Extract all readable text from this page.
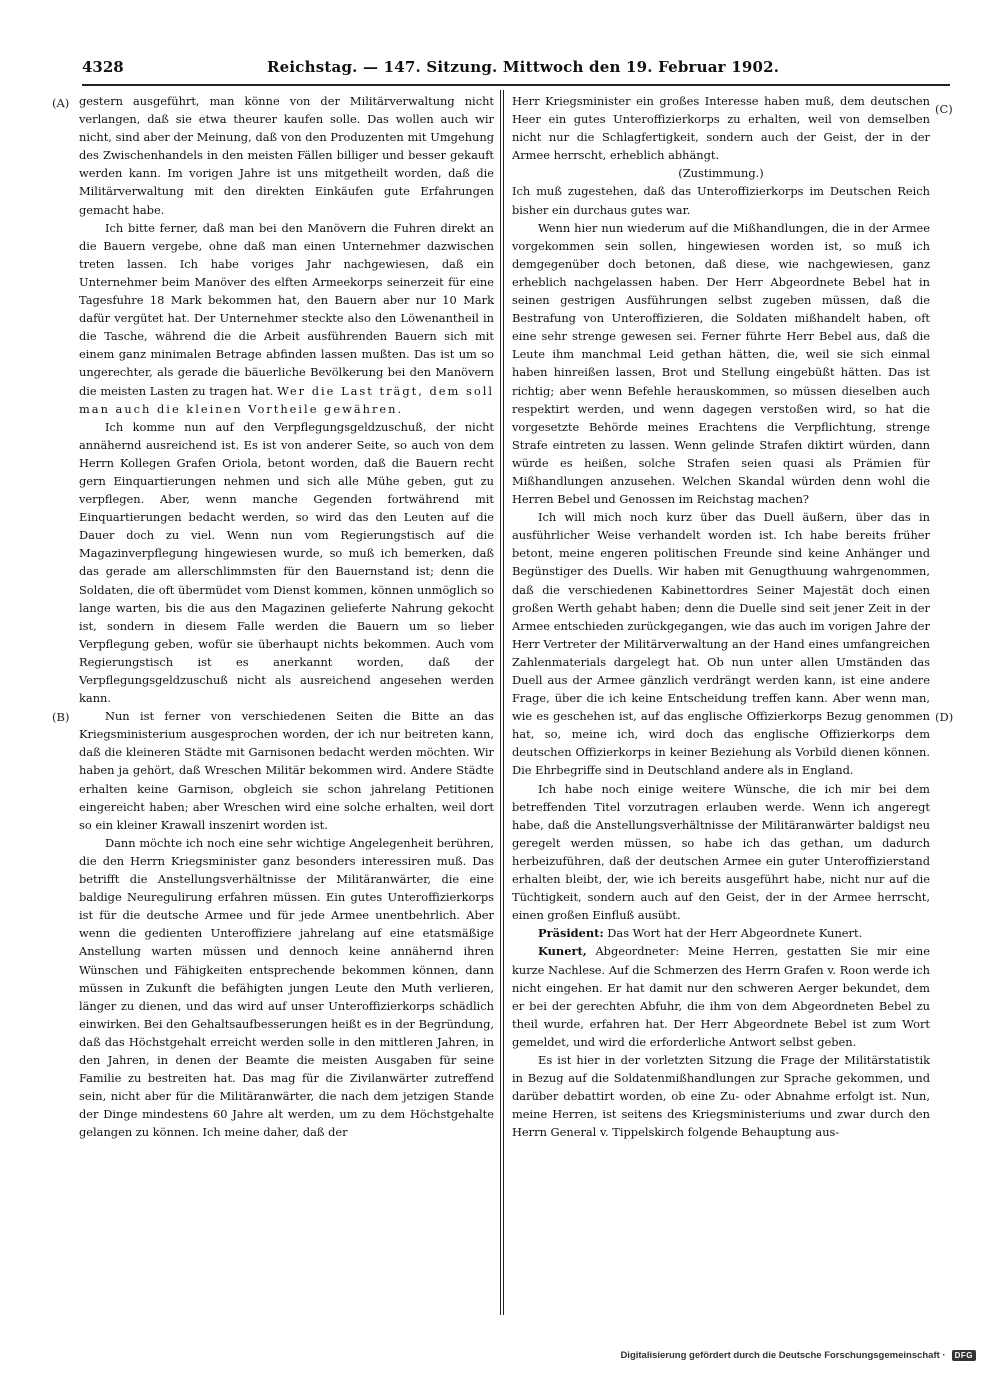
4328	Reichstag. — 147. Sitzung. Mittwoch den 19. Februar 1902.
(A)
(B)
(C)
(D)

gestern ausgeführt, man könne von der Militärverwaltung nicht verlangen, daß sie etwa theurer kaufen solle. Das wollen auch wir nicht, sind aber der Meinung, daß von den Produzenten mit Umgehung des Zwischenhandels in den meisten Fällen billiger und besser gekauft werden kann. Im vorigen Jahre ist uns mitgetheilt worden, daß die Militärverwaltung mit den direkten Einkäufen gute Erfahrungen gemacht habe.

Ich bitte ferner, daß man bei den Manövern die Fuhren direkt an die Bauern vergebe, ohne daß man einen Unternehmer dazwischen treten lassen. Ich habe voriges Jahr nachgewiesen, daß ein Unternehmer beim Manöver des elften Armeekorps seinerzeit für eine Tagesfuhre 18 Mark bekommen hat, den Bauern aber nur 10 Mark dafür vergütet hat. Der Unternehmer steckte also den Löwenantheil in die Tasche, während die die Arbeit ausführenden Bauern sich mit einem ganz minimalen Betrage abfinden lassen mußten. Das ist um so ungerechter, als gerade die bäuerliche Bevölkerung bei den Manövern die meisten Lasten zu tragen hat. Wer die Last trägt, dem soll man auch die kleinen Vortheile gewähren.

Ich komme nun auf den Verpflegungsgeldzuschuß, der nicht annähernd ausreichend ist. Es ist von anderer Seite, so auch von dem Herrn Kollegen Grafen Oriola, betont worden, daß die Bauern recht gern Einquartierungen nehmen und sich alle Mühe geben, gut zu verpflegen. Aber, wenn manche Gegenden fortwährend mit Einquartierungen bedacht werden, so wird das den Leuten auf die Dauer doch zu viel. Wenn nun vom Regierungstisch auf die Magazinverpflegung hingewiesen wurde, so muß ich bemerken, daß das gerade am allerschlimmsten für den Bauernstand ist; denn die Soldaten, die oft übermüdet vom Dienst kommen, können unmöglich so lange warten, bis die aus den Magazinen gelieferte Nahrung gekocht ist, sondern in diesem Falle werden die Bauern um so lieber Verpflegung geben, wofür sie überhaupt nichts bekommen. Auch vom Regierungstisch ist es anerkannt worden, daß der Verpflegungsgeldzuschuß nicht als ausreichend angesehen werden kann.

Nun ist ferner von verschiedenen Seiten die Bitte an das Kriegsministerium ausgesprochen worden, der ich nur beitreten kann, daß die kleineren Städte mit Garnisonen bedacht werden möchten. Wir haben ja gehört, daß Wreschen Militär bekommen wird. Andere Städte erhalten keine Garnison, obgleich sie schon jahrelang Petitionen eingereicht haben; aber Wreschen wird eine solche erhalten, weil dort so ein kleiner Krawall inszenirt worden ist.

Dann möchte ich noch eine sehr wichtige Angelegenheit berühren, die den Herrn Kriegsminister ganz besonders interessiren muß. Das betrifft die Anstellungsverhältnisse der Militäranwärter, die eine baldige Neuregulirung erfahren müssen. Ein gutes Unteroffizierkorps ist für die deutsche Armee und für jede Armee unentbehrlich. Aber wenn die gedienten Unteroffiziere jahrelang auf eine etatsmäßige Anstellung warten müssen und dennoch keine annähernd ihren Wünschen und Fähigkeiten entsprechende bekommen können, dann müssen in Zukunft die befähigten jungen Leute den Muth verlieren, länger zu dienen, und das wird auf unser Unteroffizierkorps schädlich einwirken. Bei den Gehaltsaufbesserungen heißt es in der Begründung, daß das Höchstgehalt erreicht werden solle in den mittleren Jahren, in den Jahren, in denen der Beamte die meisten Ausgaben für seine Familie zu bestreiten hat. Das mag für die Zivilanwärter zutreffend sein, nicht aber für die Militäranwärter, die nach dem jetzigen Stande der Dinge mindestens 60 Jahre alt werden, um zu dem Höchstgehalte gelangen zu können. Ich meine daher, daß der

Herr Kriegsminister ein großes Interesse haben muß, dem deutschen Heer ein gutes Unteroffizierkorps zu erhalten, weil von demselben nicht nur die Schlagfertigkeit, sondern auch der Geist, der in der Armee herrscht, erheblich abhängt.

(Zustimmung.)

Ich muß zugestehen, daß das Unteroffizierkorps im Deutschen Reich bisher ein durchaus gutes war.

Wenn hier nun wiederum auf die Mißhandlungen, die in der Armee vorgekommen sein sollen, hingewiesen worden ist, so muß ich demgegenüber doch betonen, daß diese, wie nachgewiesen, ganz erheblich nachgelassen haben. Der Herr Abgeordnete Bebel hat in seinen gestrigen Ausführungen selbst zugeben müssen, daß die Bestrafung von Unteroffizieren, die Soldaten mißhandelt haben, oft eine sehr strenge gewesen sei. Ferner führte Herr Bebel aus, daß die Leute ihm manchmal Leid gethan hätten, die, weil sie sich einmal haben hinreißen lassen, Brot und Stellung eingebüßt hätten. Das ist richtig; aber wenn Befehle herauskommen, so müssen dieselben auch respektirt werden, und wenn dagegen verstoßen wird, so hat die vorgesetzte Behörde meines Erachtens die Verpflichtung, strenge Strafe eintreten zu lassen. Wenn gelinde Strafen diktirt würden, dann würde es heißen, solche Strafen seien quasi als Prämien für Mißhandlungen anzusehen. Welchen Skandal würden denn wohl die Herren Bebel und Genossen im Reichstag machen?

Ich will mich noch kurz über das Duell äußern, über das in ausführlicher Weise verhandelt worden ist. Ich habe bereits früher betont, meine engeren politischen Freunde sind keine Anhänger und Begünstiger des Duells. Wir haben mit Genugthuung wahrgenommen, daß die verschiedenen Kabinettordres Seiner Majestät doch einen großen Werth gehabt haben; denn die Duelle sind seit jener Zeit in der Armee entschieden zurückgegangen, wie das auch im vorigen Jahre der Herr Vertreter der Militärverwaltung an der Hand eines umfangreichen Zahlenmaterials dargelegt hat. Ob nun unter allen Umständen das Duell aus der Armee gänzlich verdrängt werden kann, ist eine andere Frage, über die ich keine Entscheidung treffen kann. Aber wenn man, wie es geschehen ist, auf das englische Offizierkorps Bezug genommen hat, so, meine ich, wird doch das englische Offizierkorps dem deutschen Offizierkorps in keiner Beziehung als Vorbild dienen können. Die Ehrbegriffe sind in Deutschland andere als in England.

Ich habe noch einige weitere Wünsche, die ich mir bei dem betreffenden Titel vorzutragen erlauben werde. Wenn ich angeregt habe, daß die Anstellungsverhältnisse der Militäranwärter baldigst neu geregelt werden müssen, so habe ich das gethan, um dadurch herbeizuführen, daß der deutschen Armee ein guter Unteroffizierstand erhalten bleibt, der, wie ich bereits ausgeführt habe, nicht nur auf die Tüchtigkeit, sondern auch auf den Geist, der in der Armee herrscht, einen großen Einfluß ausübt.

Präsident: Das Wort hat der Herr Abgeordnete Kunert.

Kunert, Abgeordneter: Meine Herren, gestatten Sie mir eine kurze Nachlese. Auf die Schmerzen des Herrn Grafen v. Roon werde ich nicht eingehen. Er hat damit nur den schweren Aerger bekundet, dem er bei der gerechten Abfuhr, die ihm von dem Abgeordneten Bebel zu theil wurde, erfahren hat. Der Herr Abgeordnete Bebel ist zum Wort gemeldet, und wird die erforderliche Antwort selbst geben.

Es ist hier in der vorletzten Sitzung die Frage der Militärstatistik in Bezug auf die Soldatenmißhandlungen zur Sprache gekommen, und darüber debattirt worden, ob eine Zu- oder Abnahme erfolgt ist. Nun, meine Herren, ist seitens des Kriegsministeriums und zwar durch den Herrn General v. Tippelskirch folgende Behauptung aus-

Digitalisierung gefördert durch die Deutsche Forschungsgemeinschaft ·	DFG
